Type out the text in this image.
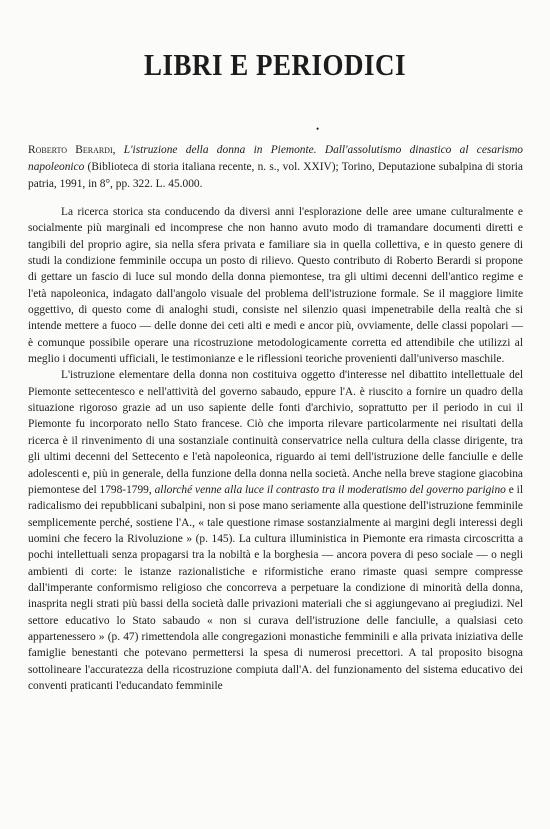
LIBRI E PERIODICI
•
Roberto Berardi, L'istruzione della donna in Piemonte. Dall'assolutismo dinastico al cesarismo napoleonico (Biblioteca di storia italiana recente, n. s., vol. XXIV); Torino, Deputazione subalpina di storia patria, 1991, in 8°, pp. 322. L. 45.000.

La ricerca storica sta conducendo da diversi anni l'esplorazione delle aree umane culturalmente e socialmente più marginali ed incomprese che non hanno avuto modo di tramandare documenti diretti e tangibili del proprio agire, sia nella sfera privata e familiare sia in quella collettiva, e in questo genere di studi la condizione femminile occupa un posto di rilievo. Questo contributo di Roberto Berardi si propone di gettare un fascio di luce sul mondo della donna piemontese, tra gli ultimi decenni dell'antico regime e l'età napoleonica, indagato dall'angolo visuale del problema dell'istruzione formale. Se il maggiore limite oggettivo, di questo come di analoghi studi, consiste nel silenzio quasi impenetrabile della realtà che si intende mettere a fuoco — delle donne dei ceti alti e medi e ancor più, ovviamente, delle classi popolari — è comunque possibile operare una ricostruzione metodologicamente corretta ed attendibile che utilizzi al meglio i documenti ufficiali, le testimonianze e le riflessioni teoriche provenienti dall'universo maschile.

L'istruzione elementare della donna non costituiva oggetto d'interesse nel dibattito intellettuale del Piemonte settecentesco e nell'attività del governo sabaudo, eppure l'A. è riuscito a fornire un quadro della situazione rigoroso grazie ad un uso sapiente delle fonti d'archivio, soprattutto per il periodo in cui il Piemonte fu incorporato nello Stato francese. Ciò che importa rilevare particolarmente nei risultati della ricerca è il rinvenimento di una sostanziale continuità conservatrice nella cultura della classe dirigente, tra gli ultimi decenni del Settecento e l'età napoleonica, riguardo ai temi dell'istruzione delle fanciulle e delle adolescenti e, più in generale, della funzione della donna nella società. Anche nella breve stagione giacobina piemontese del 1798-1799, allorché venne alla luce il contrasto tra il moderatismo del governo parigino e il radicalismo dei repubblicani subalpini, non si pose mano seriamente alla questione dell'istruzione femminile semplicemente perché, sostiene l'A., « tale questione rimase sostanzialmente ai margini degli interessi degli uomini che fecero la Rivoluzione » (p. 145). La cultura illuministica in Piemonte era rimasta circoscritta a pochi intellettuali senza propagarsi tra la nobiltà e la borghesia — ancora povera di peso sociale — o negli ambienti di corte: le istanze razionalistiche e riformistiche erano rimaste quasi sempre compresse dall'imperante conformismo religioso che concorreva a perpetuare la condizione di minorità della donna, inasprita negli strati più bassi della società dalle privazioni materiali che si aggiungevano ai pregiudizi. Nel settore educativo lo Stato sabaudo « non si curava dell'istruzione delle fanciulle, a qualsiasi ceto appartenessero » (p. 47) rimettendola alle congregazioni monastiche femminili e alla privata iniziativa delle famiglie benestanti che potevano permettersi la spesa di numerosi precettori. A tal proposito bisogna sottolineare l'accuratezza della ricostruzione compiuta dall'A. del funzionamento del sistema educativo dei conventi praticanti l'educandato femminile
